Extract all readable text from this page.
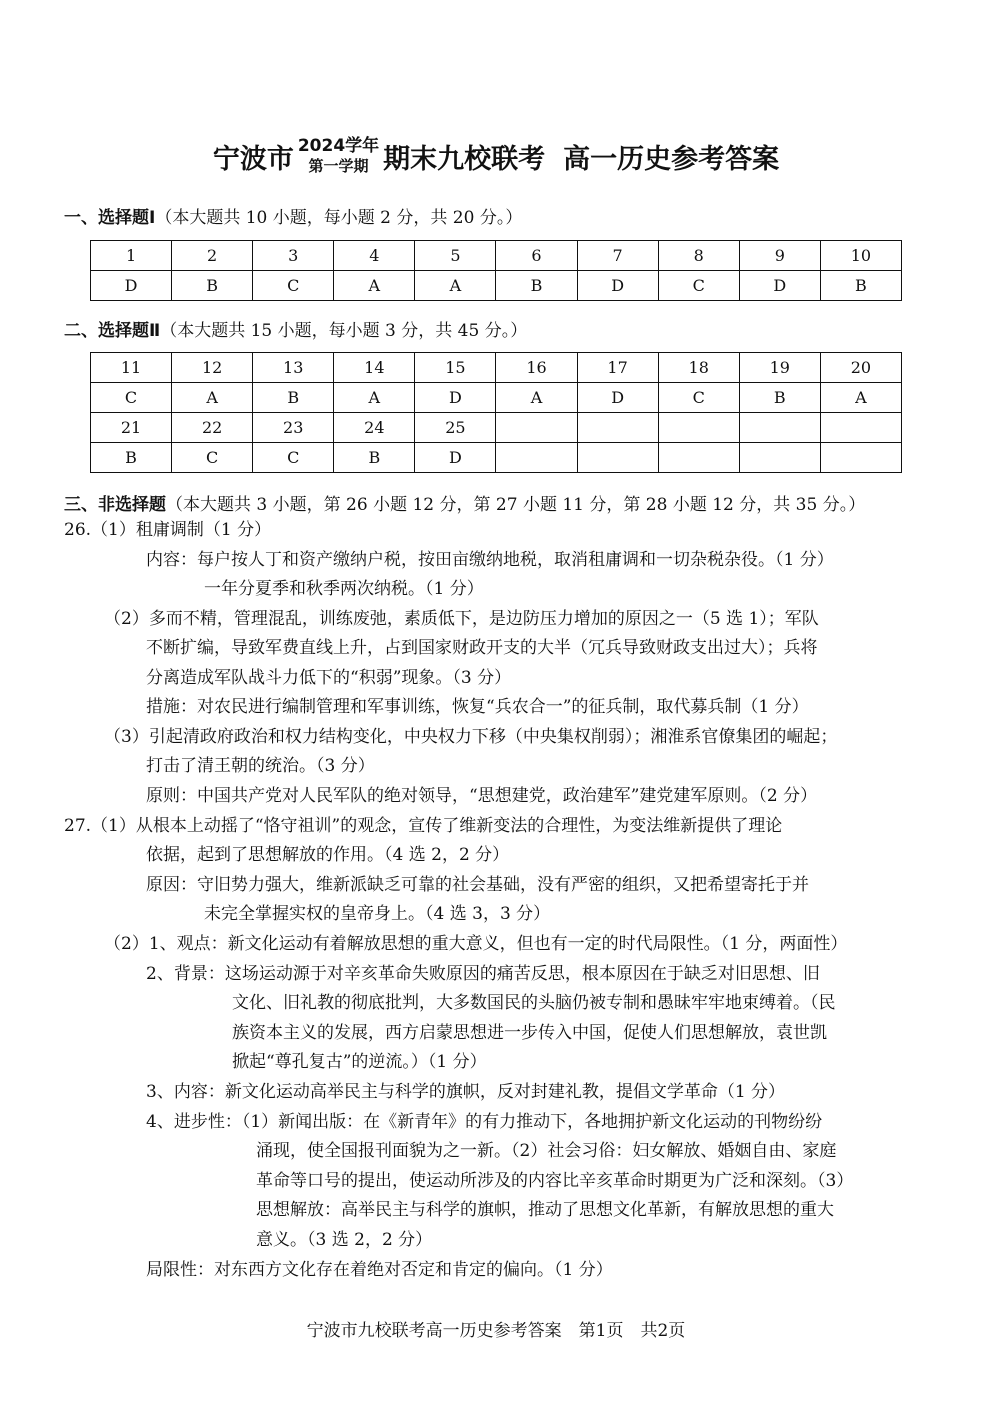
宁波市 2024学年
第一学期 期末九校联考 高一历史参考答案
一、选择题Ⅰ（本大题共 10 小题，每小题 2 分，共 20 分。）
1	2	3	4	5	6	7	8	9	10
D	B	C	A	A	B	D	C	D	B
二、选择题Ⅱ（本大题共 15 小题，每小题 3 分，共 45 分。）
11	12	13	14	15	16	17	18	19	20
C	A	B	A	D	A	D	C	B	A
21	22	23	24	25					
B	C	C	B	D					
三、非选择题（本大题共 3 小题，第 26 小题 12 分，第 27 小题 11 分，第 28 小题 12 分，共 35 分。）
26.（1）租庸调制（1 分）
内容：每户按人丁和资产缴纳户税，按田亩缴纳地税，取消租庸调和一切杂税杂役。（1 分）
一年分夏季和秋季两次纳税。（1 分）
（2）多而不精，管理混乱，训练废弛，素质低下，是边防压力增加的原因之一（5 选 1）；军队
不断扩编，导致军费直线上升，占到国家财政开支的大半（冗兵导致财政支出过大）；兵将
分离造成军队战斗力低下的“积弱”现象。（3 分）
措施：对农民进行编制管理和军事训练，恢复“兵农合一”的征兵制，取代募兵制（1 分）
（3）引起清政府政治和权力结构变化，中央权力下移（中央集权削弱）；湘淮系官僚集团的崛起；
打击了清王朝的统治。（3 分）
原则：中国共产党对人民军队的绝对领导，“思想建党，政治建军”建党建军原则。（2 分）
27.（1）从根本上动摇了“恪守祖训”的观念，宣传了维新变法的合理性，为变法维新提供了理论
依据，起到了思想解放的作用。（4 选 2，2 分）
原因：守旧势力强大，维新派缺乏可靠的社会基础，没有严密的组织，又把希望寄托于并
未完全掌握实权的皇帝身上。（4 选 3，3 分）
（2）1、观点：新文化运动有着解放思想的重大意义，但也有一定的时代局限性。（1 分，两面性）
2、背景：这场运动源于对辛亥革命失败原因的痛苦反思，根本原因在于缺乏对旧思想、旧
文化、旧礼教的彻底批判，大多数国民的头脑仍被专制和愚昧牢牢地束缚着。（民
族资本主义的发展，西方启蒙思想进一步传入中国，促使人们思想解放，袁世凯
掀起“尊孔复古”的逆流。）（1 分）
3、内容：新文化运动高举民主与科学的旗帜，反对封建礼教，提倡文学革命（1 分）
4、进步性：（1）新闻出版：在《新青年》的有力推动下，各地拥护新文化运动的刊物纷纷
涌现，使全国报刊面貌为之一新。（2）社会习俗：妇女解放、婚姻自由、家庭
革命等口号的提出，使运动所涉及的内容比辛亥革命时期更为广泛和深刻。（3）
思想解放：高举民主与科学的旗帜，推动了思想文化革新，有解放思想的重大
意义。（3 选 2，2 分）
局限性：对东西方文化存在着绝对否定和肯定的偏向。（1 分）
宁波市九校联考高一历史参考答案　第1页　共2页
